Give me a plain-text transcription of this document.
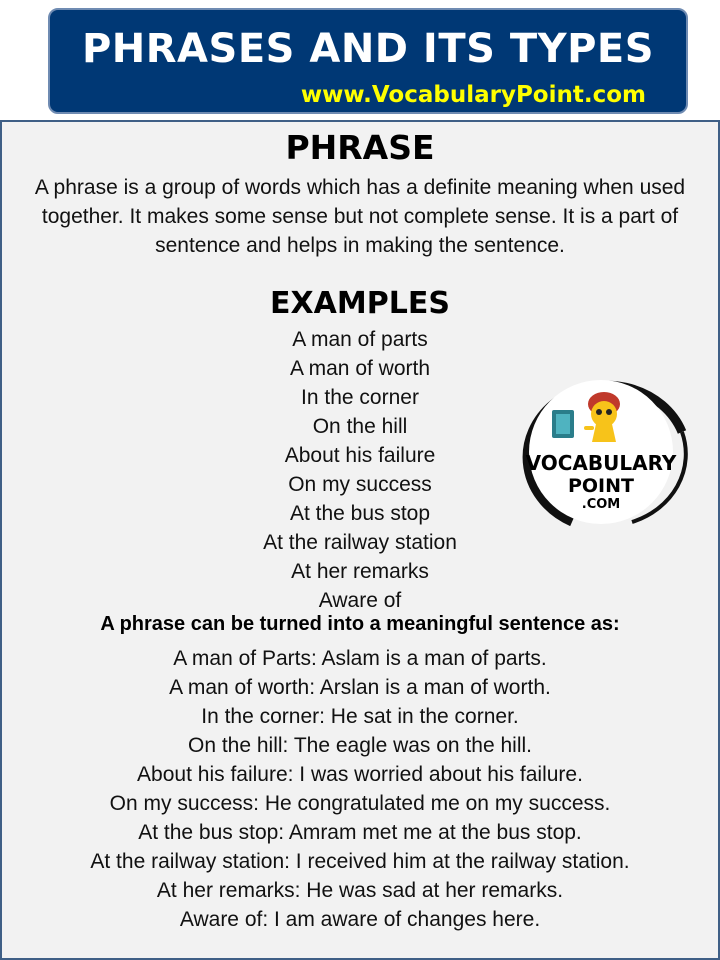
PHRASES AND ITS TYPES
www.VocabularyPoint.com
PHRASE
A phrase is a group of words which has a definite meaning when used together. It makes some sense but not complete sense. It is a part of sentence and helps in making the sentence.
EXAMPLES
A man of parts
A man of worth
In the corner
On the hill
About his failure
On my success
At the bus stop
At the railway station
At her remarks
Aware of
A phrase can be turned into a meaningful sentence as:
A man of Parts: Aslam is a man of parts.
A man of worth: Arslan is a man of worth.
In the corner: He sat in the corner.
On the hill: The eagle was on the hill.
About his failure: I was worried about his failure.
On my success: He congratulated me on my success.
At the bus stop: Amram met me at the bus stop.
At the railway station: I received him at the railway station.
At her remarks: He was sad at her remarks.
Aware of: I am aware of changes here.
VOCABULARY
POINT
.COM
